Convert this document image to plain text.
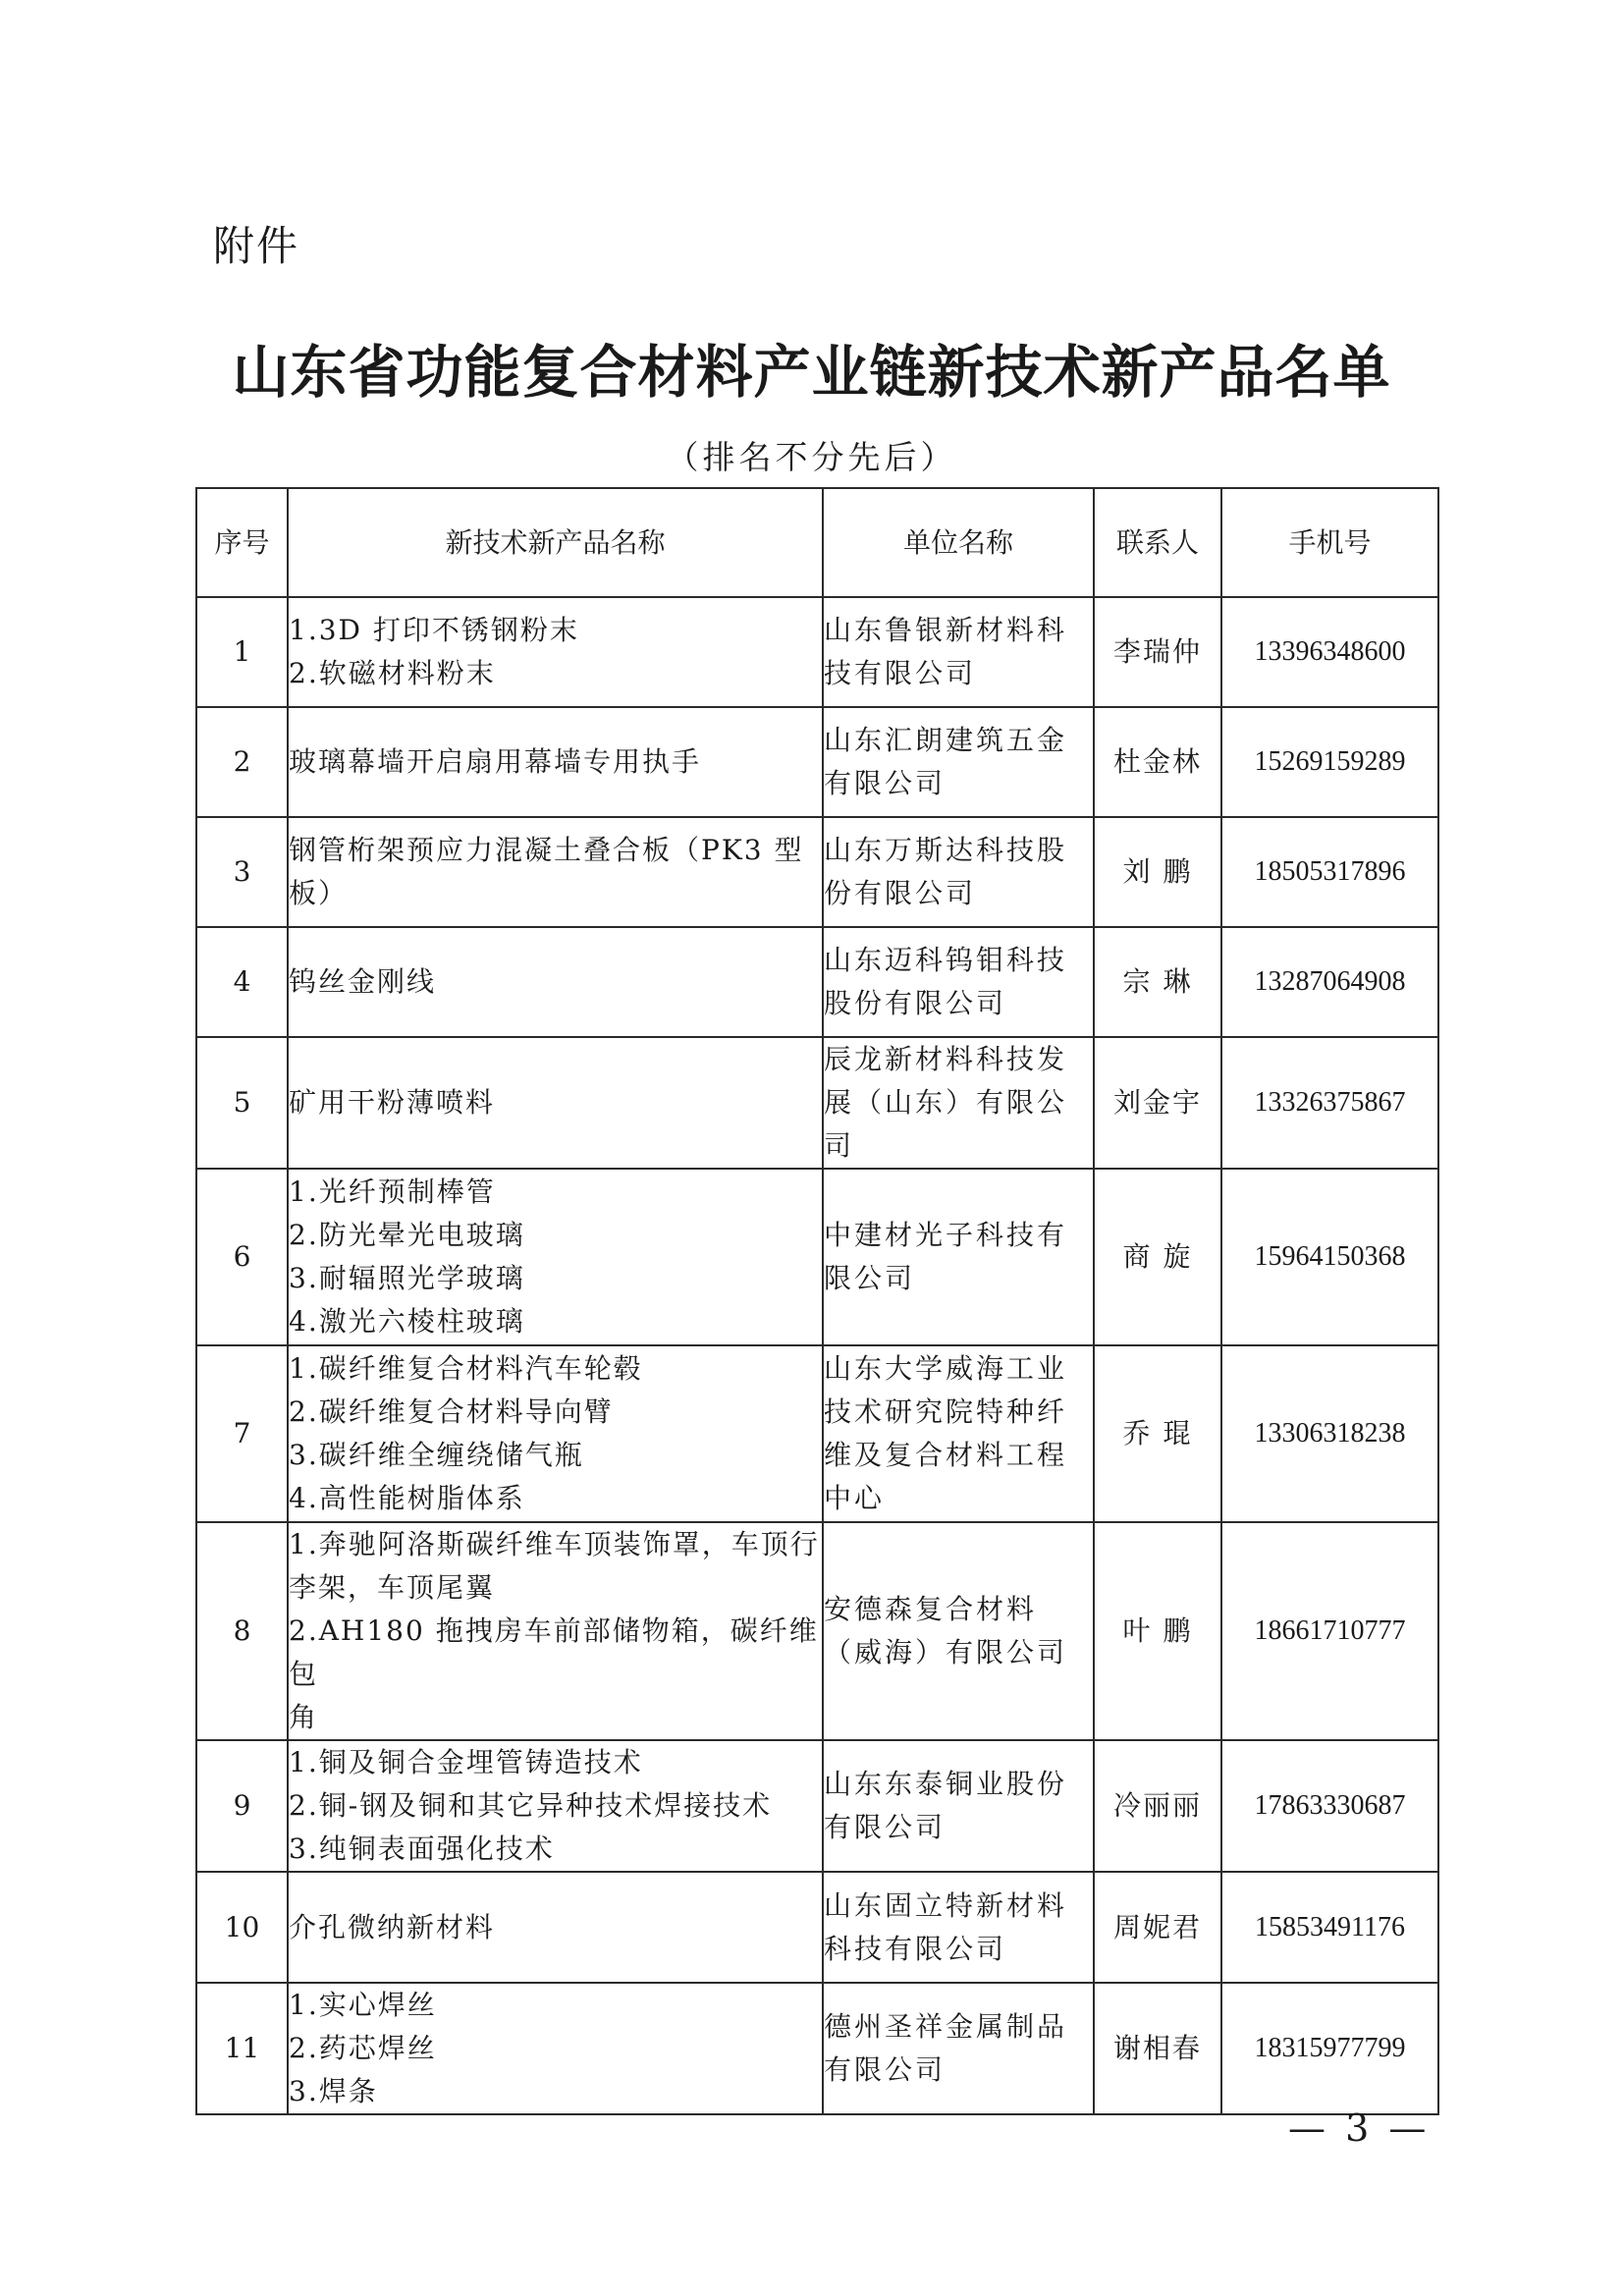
附件
山东省功能复合材料产业链新技术新产品名单
（排名不分先后）
序号	新技术新产品名称	单位名称	联系人	手机号
1	1.3D 打印不锈钢粉末
2.软磁材料粉末	山东鲁银新材料科
技有限公司	李瑞仲	13396348600
2	玻璃幕墙开启扇用幕墙专用执手	山东汇朗建筑五金
有限公司	杜金林	15269159289
3	钢管桁架预应力混凝土叠合板（PK3 型
板）	山东万斯达科技股
份有限公司	刘 鹏	18505317896
4	钨丝金刚线	山东迈科钨钼科技
股份有限公司	宗 琳	13287064908
5	矿用干粉薄喷料	辰龙新材料科技发
展（山东）有限公
司	刘金宇	13326375867
6	1.光纤预制棒管
2.防光晕光电玻璃
3.耐辐照光学玻璃
4.激光六棱柱玻璃	中建材光子科技有
限公司	商 旋	15964150368
7	1.碳纤维复合材料汽车轮毂
2.碳纤维复合材料导向臂
3.碳纤维全缠绕储气瓶
4.高性能树脂体系	山东大学威海工业
技术研究院特种纤
维及复合材料工程
中心	乔 琨	13306318238
8	1.奔驰阿洛斯碳纤维车顶装饰罩，车顶行
李架，车顶尾翼
2.AH180 拖拽房车前部储物箱，碳纤维包
角	安德森复合材料
（威海）有限公司	叶 鹏	18661710777
9	1.铜及铜合金埋管铸造技术
2.铜-钢及铜和其它异种技术焊接技术
3.纯铜表面强化技术	山东东泰铜业股份
有限公司	冷丽丽	17863330687
10	介孔微纳新材料	山东固立特新材料
科技有限公司	周妮君	15853491176
11	1.实心焊丝
2.药芯焊丝
3.焊条	德州圣祥金属制品
有限公司	谢相春	18315977799
— 3 —
